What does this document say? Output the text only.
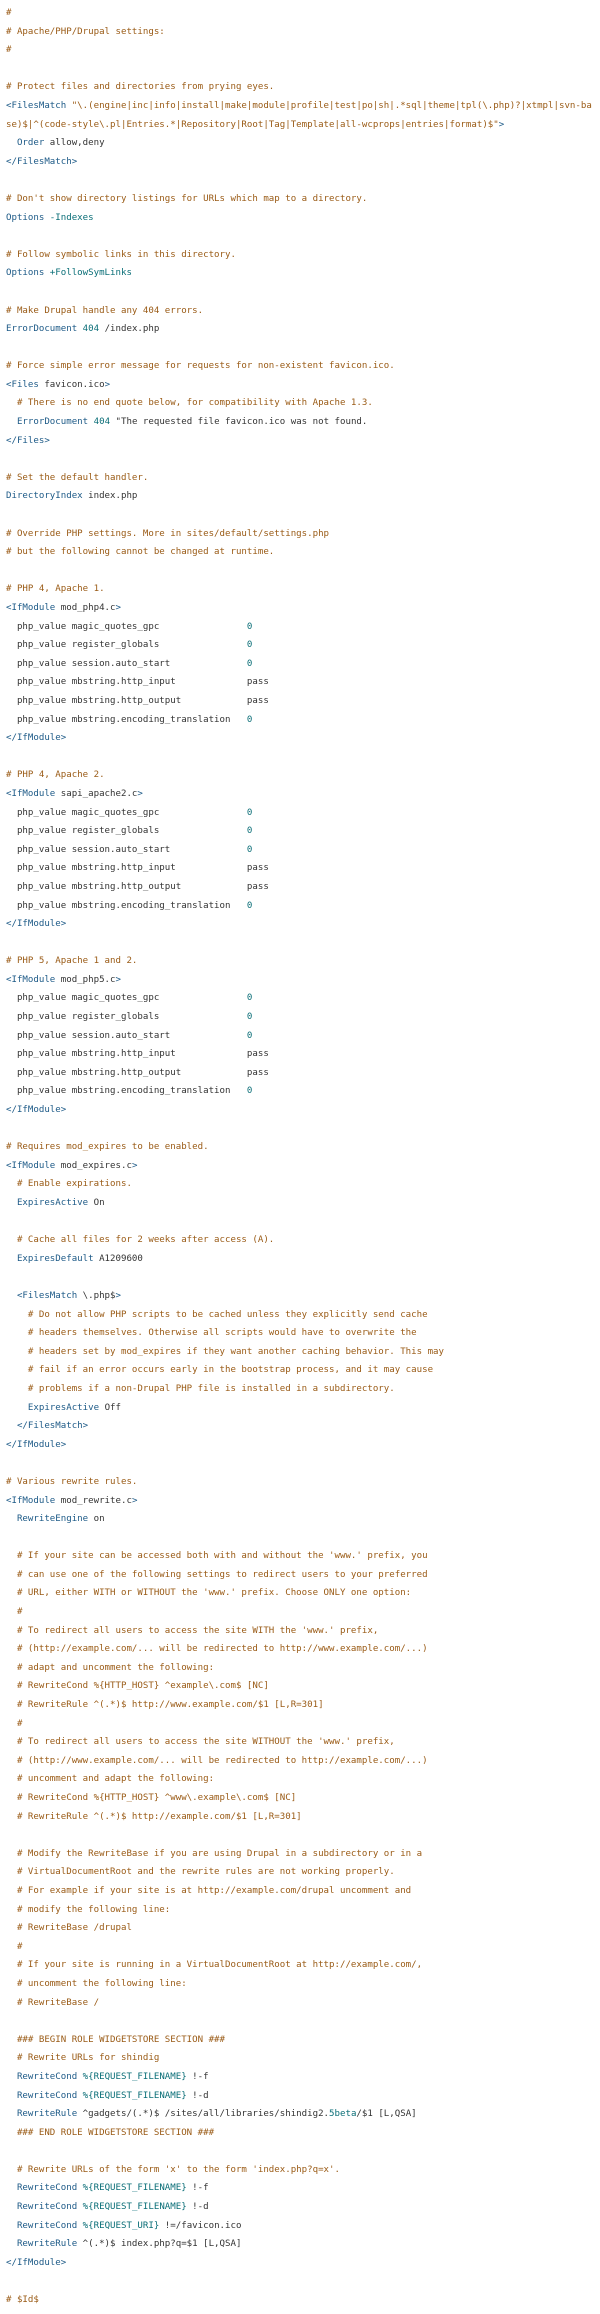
#
# Apache/PHP/Drupal settings:
#
# Protect files and directories from prying eyes.
<FilesMatch "\.(engine|inc|info|install|make|module|profile|test|po|sh|.*sql|theme|tpl(\.php)?|xtmpl|svn-base)$|^(code-style\.pl|Entries.*|Repository|Root|Tag|Template|all-wcprops|entries|format)$">
Order allow,deny
</FilesMatch>
# Don't show directory listings for URLs which map to a directory.
Options -Indexes
# Follow symbolic links in this directory.
Options +FollowSymLinks
# Make Drupal handle any 404 errors.
ErrorDocument 404 /index.php
# Force simple error message for requests for non-existent favicon.ico.
<Files favicon.ico>
# There is no end quote below, for compatibility with Apache 1.3.
ErrorDocument 404 "The requested file favicon.ico was not found.
</Files>
# Set the default handler.
DirectoryIndex index.php
# Override PHP settings. More in sites/default/settings.php
# but the following cannot be changed at runtime.
# PHP 4, Apache 1.
<IfModule mod_php4.c>
php_value magic_quotes_gpc                0
php_value register_globals                0
php_value session.auto_start              0
php_value mbstring.http_input             pass
php_value mbstring.http_output            pass
php_value mbstring.encoding_translation   0
</IfModule>
# PHP 4, Apache 2.
<IfModule sapi_apache2.c>
php_value magic_quotes_gpc                0
php_value register_globals                0
php_value session.auto_start              0
php_value mbstring.http_input             pass
php_value mbstring.http_output            pass
php_value mbstring.encoding_translation   0
</IfModule>
# PHP 5, Apache 1 and 2.
<IfModule mod_php5.c>
php_value magic_quotes_gpc                0
php_value register_globals                0
php_value session.auto_start              0
php_value mbstring.http_input             pass
php_value mbstring.http_output            pass
php_value mbstring.encoding_translation   0
</IfModule>
# Requires mod_expires to be enabled.
<IfModule mod_expires.c>
# Enable expirations.
ExpiresActive On
# Cache all files for 2 weeks after access (A).
ExpiresDefault A1209600
<FilesMatch \.php$>
# Do not allow PHP scripts to be cached unless they explicitly send cache
# headers themselves. Otherwise all scripts would have to overwrite the
# headers set by mod_expires if they want another caching behavior. This may
# fail if an error occurs early in the bootstrap process, and it may cause
# problems if a non-Drupal PHP file is installed in a subdirectory.
ExpiresActive Off
</FilesMatch>
</IfModule>
# Various rewrite rules.
<IfModule mod_rewrite.c>
RewriteEngine on
# If your site can be accessed both with and without the 'www.' prefix, you
# can use one of the following settings to redirect users to your preferred
# URL, either WITH or WITHOUT the 'www.' prefix. Choose ONLY one option:
#
# To redirect all users to access the site WITH the 'www.' prefix,
# (http://example.com/... will be redirected to http://www.example.com/...)
# adapt and uncomment the following:
# RewriteCond %{HTTP_HOST} ^example\.com$ [NC]
# RewriteRule ^(.*)$ http://www.example.com/$1 [L,R=301]
#
# To redirect all users to access the site WITHOUT the 'www.' prefix,
# (http://www.example.com/... will be redirected to http://example.com/...)
# uncomment and adapt the following:
# RewriteCond %{HTTP_HOST} ^www\.example\.com$ [NC]
# RewriteRule ^(.*)$ http://example.com/$1 [L,R=301]
# Modify the RewriteBase if you are using Drupal in a subdirectory or in a
# VirtualDocumentRoot and the rewrite rules are not working properly.
# For example if your site is at http://example.com/drupal uncomment and
# modify the following line:
# RewriteBase /drupal
#
# If your site is running in a VirtualDocumentRoot at http://example.com/,
# uncomment the following line:
# RewriteBase /
### BEGIN ROLE WIDGETSTORE SECTION ###
# Rewrite URLs for shindig
RewriteCond %{REQUEST_FILENAME} !-f
RewriteCond %{REQUEST_FILENAME} !-d
RewriteRule ^gadgets/(.*)$ /sites/all/libraries/shindig2.5beta/$1 [L,QSA]
### END ROLE WIDGETSTORE SECTION ###
# Rewrite URLs of the form 'x' to the form 'index.php?q=x'.
RewriteCond %{REQUEST_FILENAME} !-f
RewriteCond %{REQUEST_FILENAME} !-d
RewriteCond %{REQUEST_URI} !=/favicon.ico
RewriteRule ^(.*)$ index.php?q=$1 [L,QSA]
</IfModule>
# $Id$
